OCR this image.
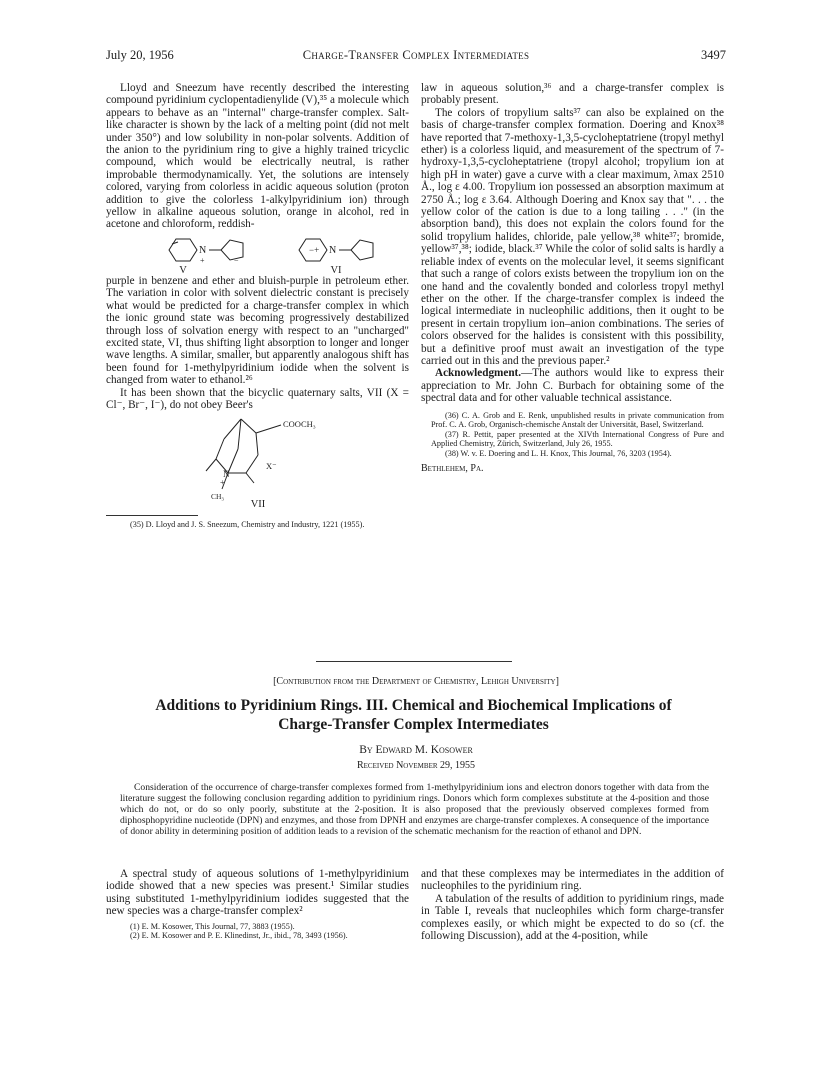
July 20, 1956	Charge-Transfer Complex Intermediates	3497

Lloyd and Sneezum have recently described the interesting compound pyridinium cyclopentadienylide (V),³⁵ a molecule which appears to behave as an "internal" charge-transfer complex. Salt-like character is shown by the lack of a melting point (did not melt under 350°) and low solubility in non-polar solvents. Addition of the anion to the pyridinium ring to give a highly trained tricyclic compound, which would be electrically neutral, is rather improbable thermodynamically. Yet, the solutions are intensely colored, varying from colorless in acidic aqueous solution (proton addition to give the colorless 1-alkylpyridinium ion) through yellow in alkaline aqueous solution, orange in alcohol, red in acetone and chloroform, reddish-

N
+	−
−+ N
V	VI

purple in benzene and ether and bluish-purple in petroleum ether. The variation in color with solvent dielectric constant is precisely what would be predicted for a charge-transfer complex in which the ionic ground state was becoming progressively destabilized through loss of solvation energy with respect to an "uncharged" excited state, VI, thus shifting light absorption to longer and longer wave lengths. A similar, smaller, but apparently analogous shift has been found for 1-methylpyridinium iodide when the solvent is changed from water to ethanol.²⁶

It has been shown that the bicyclic quaternary salts, VII (X = Cl⁻, Br⁻, I⁻), do not obey Beer's

COOCH₃
X⁻
N
+
CH₃
VII

(35) D. Lloyd and J. S. Sneezum, Chemistry and Industry, 1221 (1955).

law in aqueous solution,³⁶ and a charge-transfer complex is probably present.

The colors of tropylium salts³⁷ can also be explained on the basis of charge-transfer complex formation. Doering and Knox³⁸ have reported that 7-methoxy-1,3,5-cycloheptatriene (tropyl methyl ether) is a colorless liquid, and measurement of the spectrum of 7-hydroxy-1,3,5-cycloheptatriene (tropyl alcohol; tropylium ion at high pH in water) gave a curve with a clear maximum, λmax 2510 Å., log ε 4.00. Tropylium ion possessed an absorption maximum at 2750 Å.; log ε 3.64. Although Doering and Knox say that ". . . the yellow color of the cation is due to a long tailing . . ." (in the absorption band), this does not explain the colors found for the solid tropylium halides, chloride, pale yellow,³⁸ white³⁷; bromide, yellow³⁷,³⁸; iodide, black.³⁷ While the color of solid salts is hardly a reliable index of events on the molecular level, it seems significant that such a range of colors exists between the tropylium ion on the one hand and the covalently bonded and colorless tropyl methyl ether on the other. If the charge-transfer complex is indeed the logical intermediate in nucleophilic additions, then it ought to be present in certain tropylium ion–anion combinations. The series of colors observed for the halides is consistent with this possibility, but a definitive proof must await an investigation of the type carried out in this and the previous paper.²

Acknowledgment.—The authors would like to express their appreciation to Mr. John C. Burbach for obtaining some of the spectral data and for other valuable technical assistance.

(36) C. A. Grob and E. Renk, unpublished results in private communication from Prof. C. A. Grob, Organisch-chemische Anstalt der Universität, Basel, Switzerland.

(37) R. Pettit, paper presented at the XIVth International Congress of Pure and Applied Chemistry, Zürich, Switzerland, July 26, 1955.

(38) W. v. E. Doering and L. H. Knox, This Journal, 76, 3203 (1954).

Bethlehem, Pa.

[Contribution from the Department of Chemistry, Lehigh University]
Additions to Pyridinium Rings. III. Chemical and Biochemical Implications of
Charge-Transfer Complex Intermediates
By Edward M. Kosower
Received November 29, 1955
Consideration of the occurrence of charge-transfer complexes formed from 1-methylpyridinium ions and electron donors together with data from the literature suggest the following conclusion regarding addition to pyridinium rings. Donors which form complexes substitute at the 4-position and those which do not, or do so only poorly, substitute at the 2-position. It is also proposed that the previously observed complexes formed from diphosphopyridine nucleotide (DPN) and enzymes, and those from DPNH and enzymes are charge-transfer complexes. A consequence of the importance of donor ability in determining position of addition leads to a revision of the schematic mechanism for the reaction of ethanol and DPN.

A spectral study of aqueous solutions of 1-methylpyridinium iodide showed that a new species was present.¹ Similar studies using substituted 1-methylpyridinium iodides suggested that the new species was a charge-transfer complex²

(1) E. M. Kosower, This Journal, 77, 3883 (1955).

(2) E. M. Kosower and P. E. Klinedinst, Jr., ibid., 78, 3493 (1956).

and that these complexes may be intermediates in the addition of nucleophiles to the pyridinium ring.

A tabulation of the results of addition to pyridinium rings, made in Table I, reveals that nucleophiles which form charge-transfer complexes easily, or which might be expected to do so (cf. the following Discussion), add at the 4-position, while
